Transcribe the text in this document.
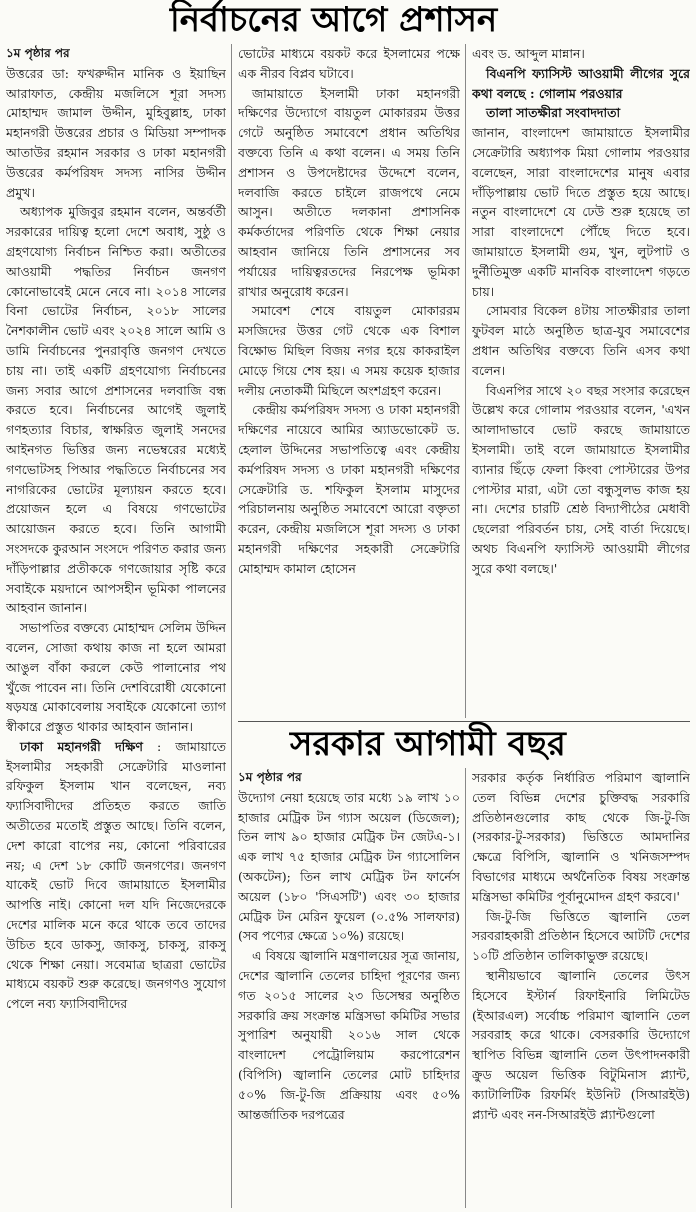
নির্বাচনের আগে প্রশাসন

১ম পৃষ্ঠার পর

উত্তরের ডা: ফখরুদ্দীন মানিক ও ইয়াছিন আরাফাত, কেন্দ্রীয় মজলিসে শূরা সদস্য মোহাম্মদ জামাল উদ্দীন, মুহিবুল্লাহ, ঢাকা মহানগরী উত্তরের প্রচার ও মিডিয়া সম্পাদক আতাউর রহমান সরকার ও ঢাকা মহানগরী উত্তরের কর্মপরিষদ সদস্য নাসির উদ্দীন প্রমুখ।

অধ্যাপক মুজিবুর রহমান বলেন, অন্তর্বর্তী সরকারের দায়িত্ব হলো দেশে অবাধ, সুষ্ঠু ও গ্রহণযোগ্য নির্বাচন নিশ্চিত করা। অতীতের আওয়ামী পদ্ধতির নির্বাচন জনগণ কোনোভাবেই মেনে নেবে না। ২০১৪ সালের বিনা ভোটের নির্বাচন, ২০১৮ সালের নৈশকালীন ভোট এবং ২০২৪ সালে আমি ও ডামি নির্বাচনের পুনরাবৃত্তি জনগণ দেখতে চায় না। তাই একটি গ্রহণযোগ্য নির্বাচনের জন্য সবার আগে প্রশাসনের দলবাজি বন্ধ করতে হবে। নির্বাচনের আগেই জুলাই গণহত্যার বিচার, স্বাক্ষরিত জুলাই সনদের আইনগত ভিত্তির জন্য নভেম্বরের মধ্যেই গণভোটসহ পিআর পদ্ধতিতে নির্বাচনের সব নাগরিকের ভোটের মূল্যায়ন করতে হবে। প্রয়োজন হলে এ বিষয়ে গণভোটের আয়োজন করতে হবে। তিনি আগামী সংসদকে কুরআন সংসদে পরিণত করার জন্য দাঁড়িপাল্লার প্রতীককে গণজোয়ার সৃষ্টি করে সবাইকে ময়দানে আপসহীন ভূমিকা পালনের আহবান জানান।

সভাপতির বক্তব্যে মোহাম্মদ সেলিম উদ্দিন বলেন, সোজা কথায় কাজ না হলে আমরা আঙুল বাঁকা করলে কেউ পালানোর পথ খুঁজে পাবেন না। তিনি দেশবিরোধী যেকোনো ষড়যন্ত্র মোকাবেলায় সবাইকে যেকোনো ত্যাগ স্বীকারে প্রস্তুত থাকার আহবান জানান।

ঢাকা মহানগরী দক্ষিণ : জামায়াতে ইসলামীর সহকারী সেক্রেটারি মাওলানা রফিকুল ইসলাম খান বলেছেন, নব্য ফ্যাসিবাদীদের প্রতিহত করতে জাতি অতীতের মতোই প্রস্তুত আছে। তিনি বলেন, দেশ কারো বাপের নয়, কোনো পরিবারের নয়; এ দেশ ১৮ কোটি জনগণের। জনগণ যাকেই ভোট দিবে জামায়াতে ইসলামীর আপত্তি নাই। কোনো দল যদি নিজেদেরকে দেশের মালিক মনে করে থাকে তবে তাদের উচিত হবে ডাকসু, জাকসু, চাকসু, রাকসু থেকে শিক্ষা নেয়া। সবেমাত্র ছাত্ররা ভোটের মাধ্যমে বয়কট শুরু করেছে। জনগণও সুযোগ পেলে নব্য ফ্যাসিবাদীদের

ভোটের মাধ্যমে বয়কট করে ইসলামের পক্ষে এক নীরব বিপ্লব ঘটাবে।

জামায়াতে ইসলামী ঢাকা মহানগরী দক্ষিণের উদ্যোগে বায়তুল মোকাররম উত্তর গেটে অনুষ্ঠিত সমাবেশে প্রধান অতিথির বক্তব্যে তিনি এ কথা বলেন। এ সময় তিনি প্রশাসন ও উপদেষ্টাদের উদ্দেশে বলেন, দলবাজি করতে চাইলে রাজপথে নেমে আসুন। অতীতে দলকানা প্রশাসনিক কর্মকর্তাদের পরিণতি থেকে শিক্ষা নেয়ার আহবান জানিয়ে তিনি প্রশাসনের সব পর্যায়ের দায়িত্বরতদের নিরপেক্ষ ভূমিকা রাখার অনুরোধ করেন।

সমাবেশ শেষে বায়তুল মোকাররম মসজিদের উত্তর গেট থেকে এক বিশাল বিক্ষোভ মিছিল বিজয় নগর হয়ে কাকরাইল মোড়ে গিয়ে শেষ হয়। এ সময় কয়েক হাজার দলীয় নেতাকর্মী মিছিলে অংশগ্রহণ করেন।

কেন্দ্রীয় কর্মপরিষদ সদস্য ও ঢাকা মহানগরী দক্ষিণের নায়েবে আমির অ্যাডভোকেট ড. হেলাল উদ্দিনের সভাপতিত্বে এবং কেন্দ্রীয় কর্মপরিষদ সদস্য ও ঢাকা মহানগরী দক্ষিণের সেক্রেটারি ড. শফিকুল ইসলাম মাসুদের পরিচালনায় অনুষ্ঠিত সমাবেশে আরো বক্তৃতা করেন, কেন্দ্রীয় মজলিসে শূরা সদস্য ও ঢাকা মহানগরী দক্ষিণের সহকারী সেক্রেটারি মোহাম্মদ কামাল হোসেন

এবং ড. আব্দুল মান্নান।

বিএনপি ফ্যাসিস্ট আওয়ামী লীগের সুরে কথা বলছে : গোলাম পরওয়ার

তালা সাতক্ষীরা সংবাদদাতা

জানান, বাংলাদেশ জামায়াতে ইসলামীর সেক্রেটারি অধ্যাপক মিয়া গোলাম পরওয়ার বলেছেন, সারা বাংলাদেশের মানুষ এবার দাঁড়িপাল্লায় ভোট দিতে প্রস্তুত হয়ে আছে। নতুন বাংলাদেশে যে ঢেউ শুরু হয়েছে তা সারা বাংলাদেশে পৌঁছে দিতে হবে। জামায়াতে ইসলামী গুম, খুন, লুটপাট ও দুর্নীতিমুক্ত একটি মানবিক বাংলাদেশ গড়তে চায়।

সোমবার বিকেল ৪টায় সাতক্ষীরার তালা ফুটবল মাঠে অনুষ্ঠিত ছাত্র-যুব সমাবেশের প্রধান অতিথির বক্তব্যে তিনি এসব কথা বলেন।

বিএনপির সাথে ২০ বছর সংসার করেছেন উল্লেখ করে গোলাম পরওয়ার বলেন, 'এখন আলাদাভাবে ভোট করছে জামায়াতে ইসলামী। তাই বলে জামায়াতে ইসলামীর ব্যানার ছিঁড়ে ফেলা কিংবা পোস্টারের উপর পোস্টার মারা, এটা তো বন্ধুসুলভ কাজ হয় না। দেশের চারটি শ্রেষ্ঠ বিদ্যাপীঠের মেধাবী ছেলেরা পরিবর্তন চায়, সেই বার্তা দিয়েছে। অথচ বিএনপি ফ্যাসিস্ট আওয়ামী লীগের সুরে কথা বলছে।'

সরকার আগামী বছর

১ম পৃষ্ঠার পর

উদ্যোগ নেয়া হয়েছে তার মধ্যে ১৯ লাখ ১০ হাজার মেট্রিক টন গ্যাস অয়েল (ডিজেল); তিন লাখ ৯০ হাজার মেট্রিক টন জেটএ-১। এক লাখ ৭৫ হাজার মেট্রিক টন গ্যাসোলিন (অকটেন); তিন লাখ মেট্রিক টন ফার্নেস অয়েল (১৮০ 'সিএসটি') এবং ৩০ হাজার মেট্রিক টন মেরিন ফুয়েল (০.৫% সালফার) (সব পণ্যের ক্ষেত্রে ১০%) রয়েছে।

এ বিষয়ে জ্বালানি মন্ত্রণালয়ের সূত্র জানায়, দেশের জ্বালানি তেলের চাহিদা পূরণের জন্য গত ২০১৫ সালের ২৩ ডিসেম্বর অনুষ্ঠিত সরকারি ক্রয় সংক্রান্ত মন্ত্রিসভা কমিটির সভার সুপারিশ অনুযায়ী ২০১৬ সাল থেকে বাংলাদেশ পেট্রোলিয়াম করপোরেশন (বিপিসি) জ্বালানি তেলের মোট চাহিদার ৫০% জি-টু-জি প্রক্রিয়ায় এবং ৫০% আন্তর্জাতিক দরপত্রের

সরকার কর্তৃক নির্ধারিত পরিমাণ জ্বালানি তেল বিভিন্ন দেশের চুক্তিবদ্ধ সরকারি প্রতিষ্ঠানগুলোর কাছ থেকে জি-টু-জি (সরকার-টু-সরকার) ভিত্তিতে আমদানির ক্ষেত্রে বিপিসি, জ্বালানি ও খনিজসম্পদ বিভাগের মাধ্যমে অর্থনৈতিক বিষয় সংক্রান্ত মন্ত্রিসভা কমিটির পূর্বানুমোদন গ্রহণ করবে।'

জি-টু-জি ভিত্তিতে জ্বালানি তেল সরবরাহকারী প্রতিষ্ঠান হিসেবে আটটি দেশের ১০টি প্রতিষ্ঠান তালিকাভুক্ত রয়েছে।

স্থানীয়ভাবে জ্বালানি তেলের উৎস হিসেবে ইস্টার্ন রিফাইনারি লিমিটেড (ইআরএল) সর্বোচ্চ পরিমাণ জ্বালানি তেল সরবরাহ করে থাকে। বেসরকারি উদ্যোগে স্থাপিত বিভিন্ন জ্বালানি তেল উৎপাদনকারী ক্রুড অয়েল ভিত্তিক বিটুমিনাস প্ল্যান্ট, ক্যাটালিটিক রিফর্মিং ইউনিট (সিআরইউ) প্ল্যান্ট এবং নন-সিআরইউ প্ল্যান্টগুলো
